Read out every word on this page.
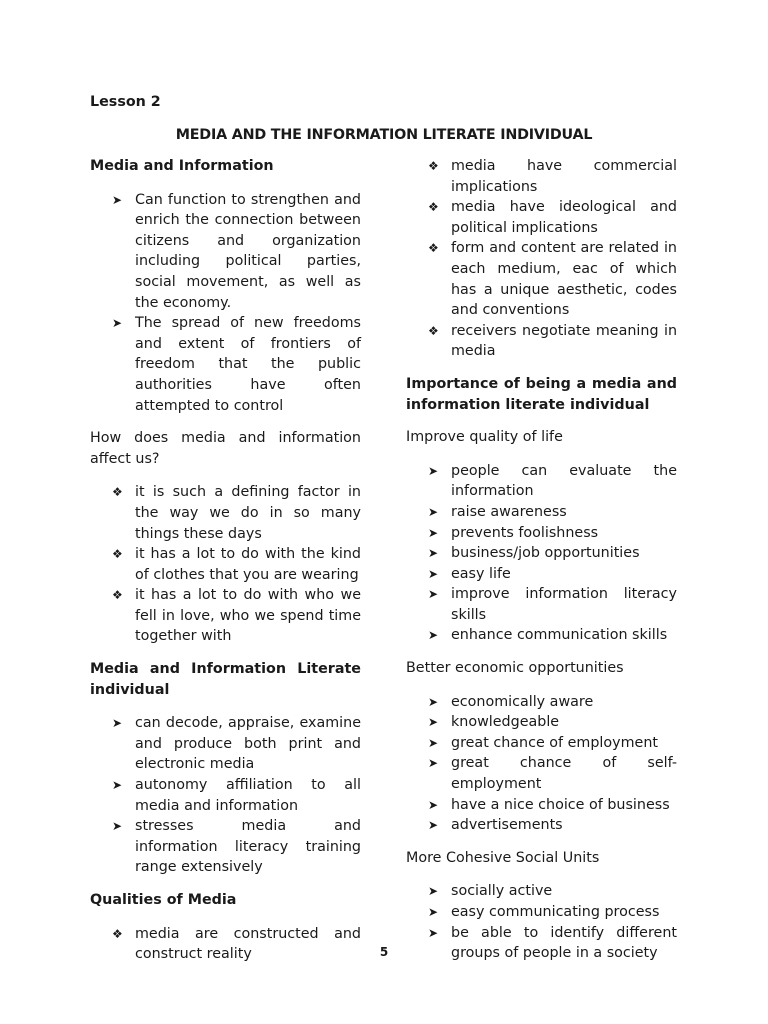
Lesson 2
MEDIA AND THE INFORMATION LITERATE INDIVIDUAL
Media and Information
➤ Can function to strengthen and enrich the connection between citizens and organization including political parties, social movement, as well as the economy.
➤ The spread of new freedoms and extent of frontiers of freedom that the public authorities have often attempted to control
How does media and information affect us?
❖ it is such a defining factor in the way we do in so many things these days
❖ it has a lot to do with the kind of clothes that you are wearing
❖ it has a lot to do with who we fell in love, who we spend time together with
Media and Information Literate individual
➤ can decode, appraise, examine and produce both print and electronic media
➤ autonomy affiliation to all media and information
➤ stresses media and information literacy training range extensively
Qualities of Media
❖ media are constructed and construct reality
❖ media have commercial implications
❖ media have ideological and political implications
❖ form and content are related in each medium, eac of which has a unique aesthetic, codes and conventions
❖ receivers negotiate meaning in media
Importance of being a media and information literate individual
Improve quality of life
➤ people can evaluate the information
➤ raise awareness
➤ prevents foolishness
➤ business/job opportunities
➤ easy life
➤ improve information literacy skills
➤ enhance communication skills
Better economic opportunities
➤ economically aware
➤ knowledgeable
➤ great chance of employment
➤ great chance of self-employment
➤ have a nice choice of business
➤ advertisements
More Cohesive Social Units
➤ socially active
➤ easy communicating process
➤ be able to identify different groups of people in a society
5
